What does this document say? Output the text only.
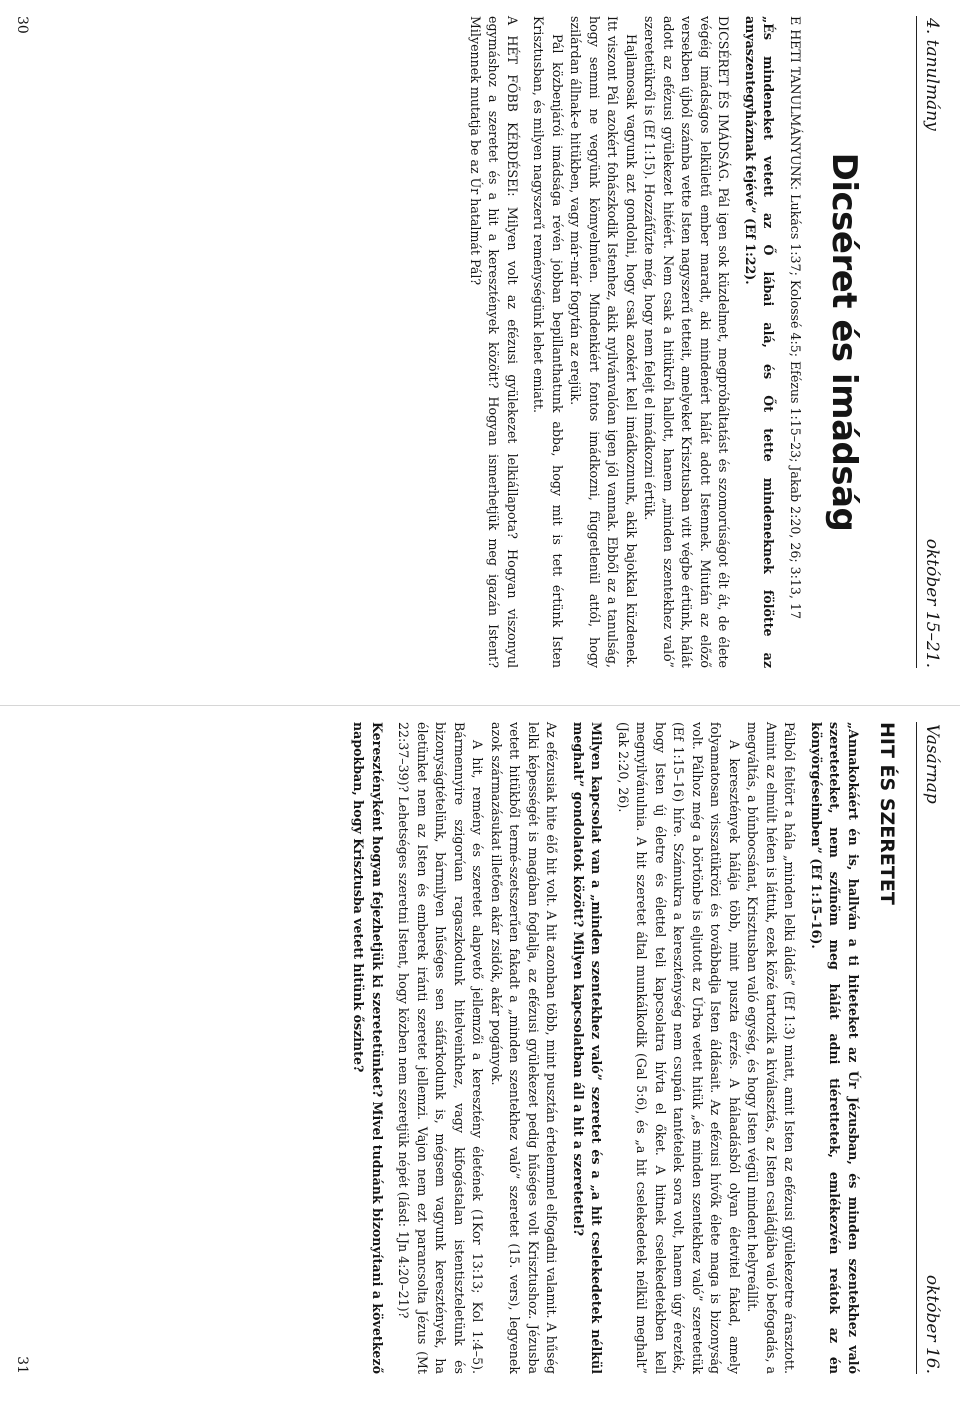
4. tanulmány
október 15–21.
Dicséret és imádság

E HETI TANULMÁNYUNK: Lukács 1:37; Kolossé 4:5; Efézus 1:15–23; Jakab 2:20, 26; 3:13, 17

„És mindeneket vetett az Ő lábai alá, és Őt tette mindeneknek fölötte az anyaszentegyháznak fejévé” (Ef 1:22).

DICSÉRET ÉS IMÁDSÁG. Pál igen sok küzdelmet, megpróbáltatást és szomorúságot élt át, de élete végéig imádságos lelkületű ember maradt, aki mindenért hálát adott Istennek. Miután az előző versekben újból számba vette Isten nagyszerű tetteit, amelyeket Krisztusban vitt végbe értünk, hálát adott az efézusi gyülekezet hitéért. Nem csak a hitükről hallott, hanem „minden szentekhez való” szeretetükről is (Ef 1:15). Hozzáfűzte még, hogy nem felejt el imádkozni értük.

Hajlamosak vagyunk azt gondolni, hogy csak azokért kell imádkoznunk, akik bajokkal küzdenek. Itt viszont Pál azokért fohászkodik Istenhez, akik nyilvánvalóan igen jól vannak. Ebből az a tanulság, hogy semmi ne vegyünk kömyelműen. Mindenkiért fontos imádkozni, függetlenül attól, hogy szilárdan állnak-e hitükben, vagy már-már fogytán az erejük.

Pál közbenjárói imádsága révén jobban bepillanthatunk abba, hogy mit is tett értünk Isten Krisztusban, és milyen nagyszerű reménységünk lehet emiatt.

A HÉT FŐBB KÉRDÉSEI: Milyen volt az efézusi gyülekezet lelkiállapota? Hogyan viszonyul egymáshoz a szeretet és a hit a keresztények között? Hogyan ismerhetjük meg igazán Istent? Milyennek mutatja be az Úr hatalmát Pál?

30
Vasárnap
október 16.
HIT ÉS SZERETET

„Annakokáért én is, hallván a ti hiteteket az Úr Jézusban, és minden szentekhez való szereteteket, nem szűnöm meg hálát adni tiérettetek, emlékezvén reátok az én könyörgéseimben” (Ef 1:15–16).

Pálból feltört a hála „minden lelki áldás” (Ef 1:3) miatt, amit Isten az efézusi gyülekezetre árasztott. Amint az elmúlt héten is láttuk, ezek közé tartozik a kiválasztás, az Isten családjába való befogadás, a megváltás, a bűnbocsánat, Krisztusban való egység, és hogy Isten végül mindent helyreállít.

A keresztények hálája több, mint puszta érzés. A hálaadásból olyan életvitel fakad, amely folyamatosan visszatükrözi és továbbadja Isten áldásait. Az efézusi hívők élete maga is bizonyság volt. Pálhoz még a börtönbe is eljutott az Úrba vetett hitük „és minden szentekhez való” szeretetük (Ef 1:15–16) híre. Számukra a kereszténység nem csupán tantételek sora volt, hanem úgy érezték, hogy Isten új életre és élettel teli kapcsolatra hívta el őket. A hitnek cselekedetekben kell megnyilvánulnia. A hit szeretet által munkálkodik (Gal 5:6), és „a hit cselekedetek nélkül meghalt” (Jak 2:20, 26).

Milyen kapcsolat van a „minden szentekhez való” szeretet és a „a hit cselekedetek nélkül meghalt” gondolatok között? Milyen kapcsolatban áll a hit a szeretettel?

Az efézusiak hite élő hit volt. A hit azonban több, mint pusztán értelemmel elfogadni valamit. A hűség lelki képességét is magában foglalja, az efézusi gyülekezet pedig hűséges volt Krisztushoz. Jézusba vetett hitükből termé-szetszerűen fakadt a „minden szentekhez való” szeretet (15. vers), legyenek azok származásukat illetően akár zsidók, akár pogányok.

A hit, remény és szeretet alapvető jellemzői a keresztény életének (1Kor 13:13; Kol 1:4–5). Bármennyire szigorúan ragaszkodunk hitelveinkhez, vagy kifogástalan istentiszteletünk és bizonyságtételünk, bármilyen hűséges sen sáfárkodunk is, mégsem vagyunk keresztények, ha életünket nem az Isten és emberek iránti szeretet jellemzi. Vajon nem ezt parancsolta Jézus (Mt 22:37–39)? Lehetséges szeretni Istent, hogy közben nem szeretjük népét (lásd: 1Jn 4:20–21)?

Keresztényként hogyan fejezhetjük ki szeretetünket? Mivel tudnánk bizonyítani a következő napokban, hogy Krisztusba vetett hitünk őszinte?

31
